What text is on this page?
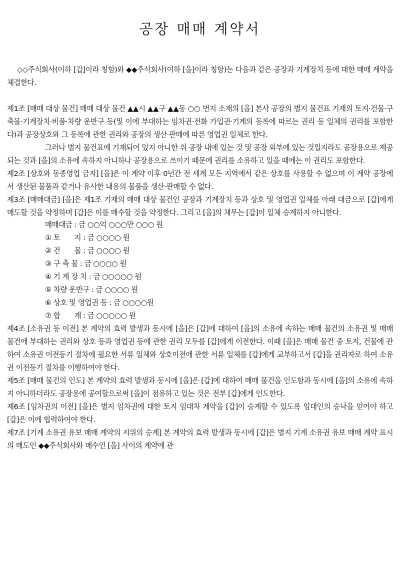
공장 매매 계약서

◇◇주식회사(이하 [갑]이라 칭함)와 ◆◆주식회사(이하 [을]이라 칭함)는 다음과 같은 공장과 기계장치 등에 대한 매매 계약을 체결한다.

제1조 [매매 대상 물건] 매매 대상 물건 ▲▲시 ▲▲구 ▲▲동 ○○ 번지 소재의 [을] 본사 공장의 별지 물건표 기재의 토지·건물·구축물·기계장치·비품·차량 운반구 등(및 이에 부대하는 임차권·전화 가입권·기계의 등록에 따르는 권리 등 일체의 권리를 포함한다)과 공장상호와 그 등록에 관한 권리와 공장의 생산·판매에 따른 영업권 일체로 한다.

그러나 별지 물건표에 기재되어 있지 아니한 위 공장 내에 있는 것 및 공장 외부에 있는 것일지라도 공장용으로 제공되는 것과 [을]의 소유에 속하지 아니하나 공장용으로 쓰이기 때문에 권리를 소유하고 있을 때에는 이 권리도 포함한다.

제2조 [상호와 동종영업 금지] [을]은 이 계약 이후 0년간 전 세계 모든 지역에서 같은 상호를 사용할 수 없으며 이 계약 공장에서 생산된 물품과 같거나 유사한 내용의 물품을 생산·판매할 수 없다.

제3조 [매매대금] [을]은 제1조 기재의 매매 대상 물건인 공장과 기계장치 등과 상호 및 영업권 일체를 아래 대금으로 [갑]에게 매도할 것을 약정하며 [갑]은 이를 매수할 것을 약정한다. 그리고 [을]의 채무는 [갑]이 일체 승계하지 아니한다.

매매대금 : 금 ○○억 ○○○만 ○○○ 원

① 토　　지 : 금 ○○○○ 원
② 건　　물 : 금 ○○○○ 원
③ 구 축 물 : 금 ○○○○ 원
④ 기 계 장 치 : 금 ○○○○○ 원
⑤ 차량 운반구 : 금 ○○○○ 원
⑥ 상호 및 영업권 등 : 금 ○○○○원
⑦ 합　　계 : 금 ○○○○○ 원

제4조 [소유권 등 이전] 본 계약의 효력 발생과 동시에 [을]은 [갑]에 대하여 [을]의 소유에 속하는 매매 물건의 소유권 및 매매 물건에 부대하는 권리와 상호 등과 영업권 등에 관한 권리 모두를 [갑]에게 이전한다. 이때 [을]은 매매 물건 중 토지, 건물에 관하여 소유권 이전등기 절차에 필요한 서류 일체와 상호이전에 관한 서류 일체를 [갑]에게 교부하고서 [갑]을 권리자로 하여 소유권 이전등기 절차를 이행하여야 한다.

제5조 [매매 물건의 인도] 본 계약의 효력 발생과 동시에 [을]은 [갑]에 대하여 매매 물건을 인도함과 동시에 [을]의 소유에 속하지 아니하더라도 공장용에 공여할으로써 [을]이 점유하고 있는 것은 전부 [갑]에게 인도한다.

제6조 [임차권의 이전] [을]은 별지 임차권에 대한 토지 임대차 계약을 [갑]이 승계할 수 있도록 임대인의 승낙을 얻어야 하고 [갑]은 이에 협력하여야 한다.

제7조 [기계 소유권 유보 매매 계약의 지위의 승계] 본 계약의 효력 발생과 동시에 [갑]은 별지 기계 소유권 유보 매매 계약 표시의 매도인 ◆◆주식회사와 매수인 [을] 사이의 계약에 관
